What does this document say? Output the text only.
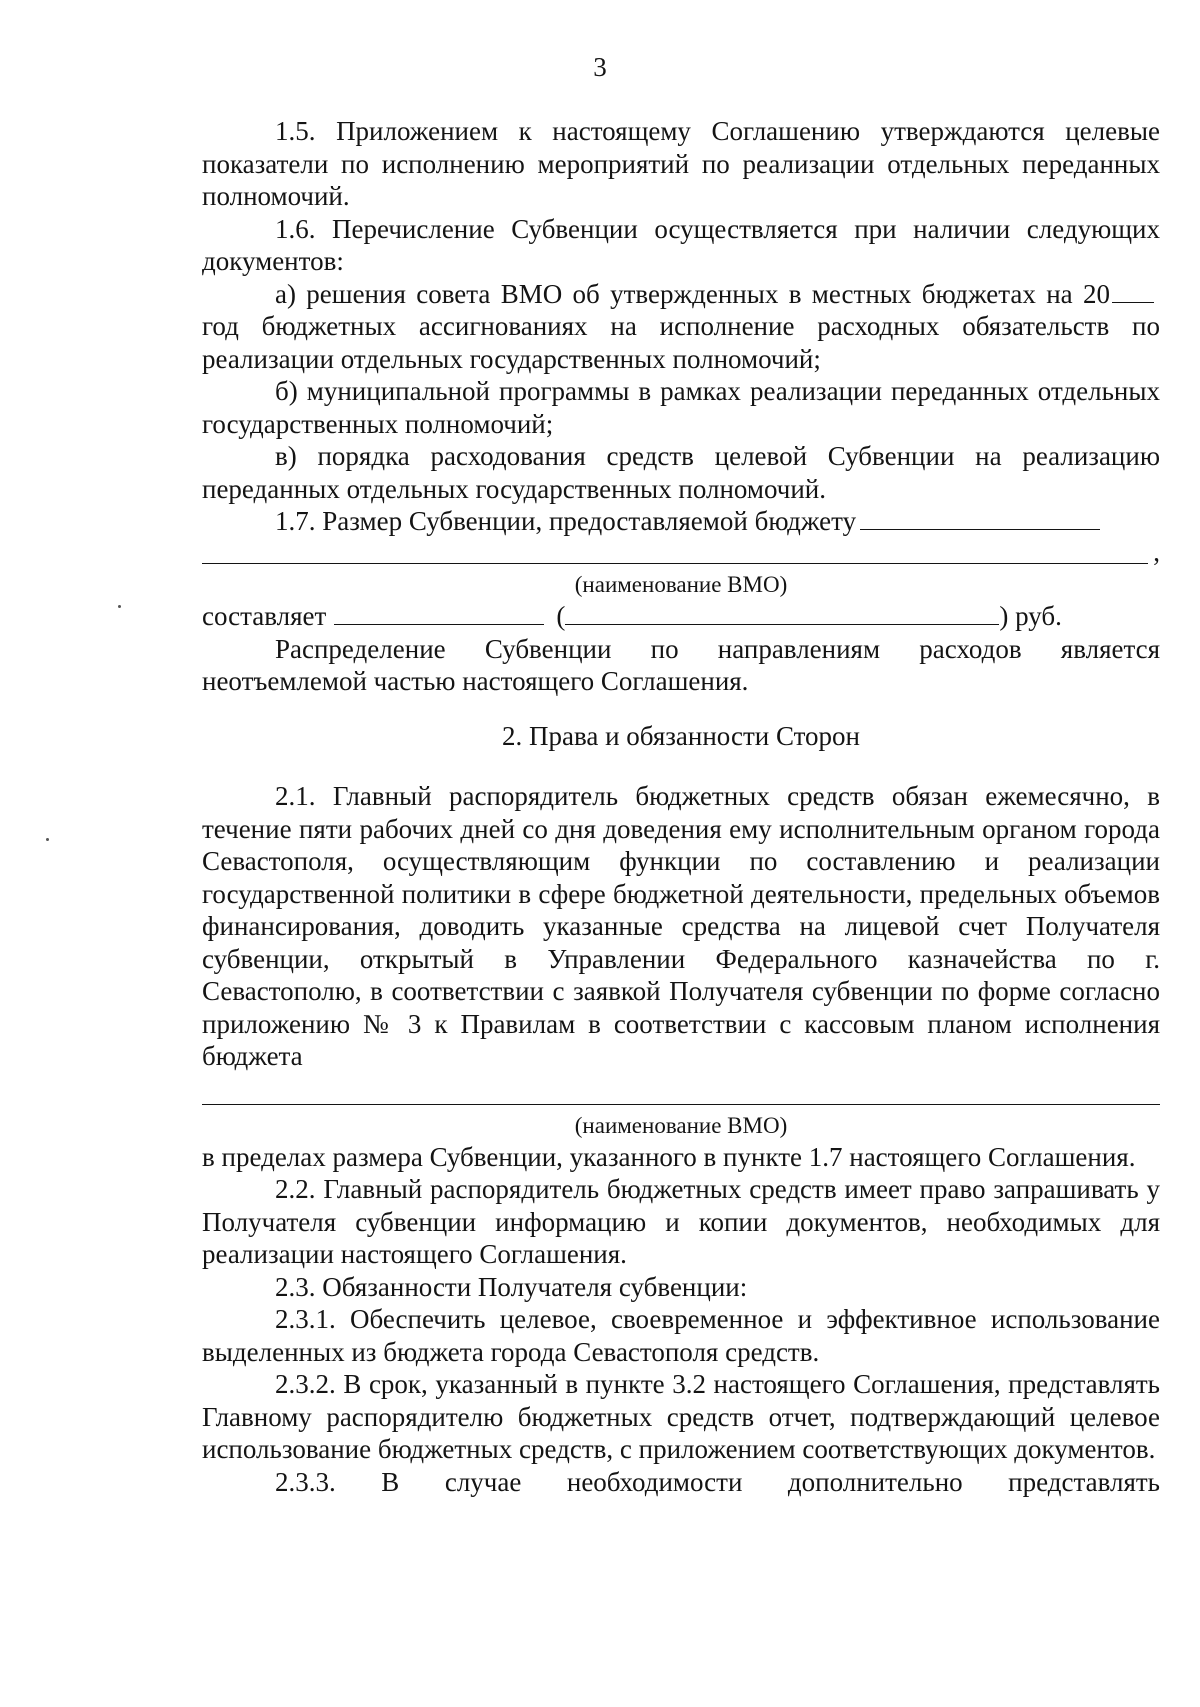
3

1.5. Приложением к настоящему Соглашению утверждаются целевые показатели по исполнению мероприятий по реализации отдельных переданных полномочий.

1.6. Перечисление Субвенции осуществляется при наличии следующих документов:

а) решения совета ВМО об утвержденных в местных бюджетах на 20 год бюджетных ассигнованиях на исполнение расходных обязательств по реализации отдельных государственных полномочий;

б) муниципальной программы в рамках реализации переданных отдельных государственных полномочий;

в) порядка расходования средств целевой Субвенции на реализацию переданных отдельных государственных полномочий.

1.7. Размер Субвенции, предоставляемой бюджету

,

(наименование ВМО)

составляет	(	) руб.

Распределение Субвенции по направлениям расходов является неотъемлемой частью настоящего Соглашения.

2. Права и обязанности Сторон

2.1. Главный распорядитель бюджетных средств обязан ежемесячно, в течение пяти рабочих дней со дня доведения ему исполнительным органом города Севастополя, осуществляющим функции по составлению и реализации государственной политики в сфере бюджетной деятельности, предельных объемов финансирования, доводить указанные средства на лицевой счет Получателя субвенции, открытый в Управлении Федерального казначейства по г. Севастополю, в соответствии с заявкой Получателя субвенции по форме согласно приложению № 3 к Правилам в соответствии с кассовым планом исполнения бюджета

(наименование ВМО)

в пределах размера Субвенции, указанного в пункте 1.7 настоящего Соглашения.

2.2. Главный распорядитель бюджетных средств имеет право запрашивать у Получателя субвенции информацию и копии документов, необходимых для реализации настоящего Соглашения.

2.3. Обязанности Получателя субвенции:

2.3.1. Обеспечить целевое, своевременное и эффективное использование выделенных из бюджета города Севастополя средств.

2.3.2. В срок, указанный в пункте 3.2 настоящего Соглашения, представлять Главному распорядителю бюджетных средств отчет, подтверждающий целевое использование бюджетных средств, с приложением соответствующих документов.

2.3.3. В случае необходимости дополнительно представлять
